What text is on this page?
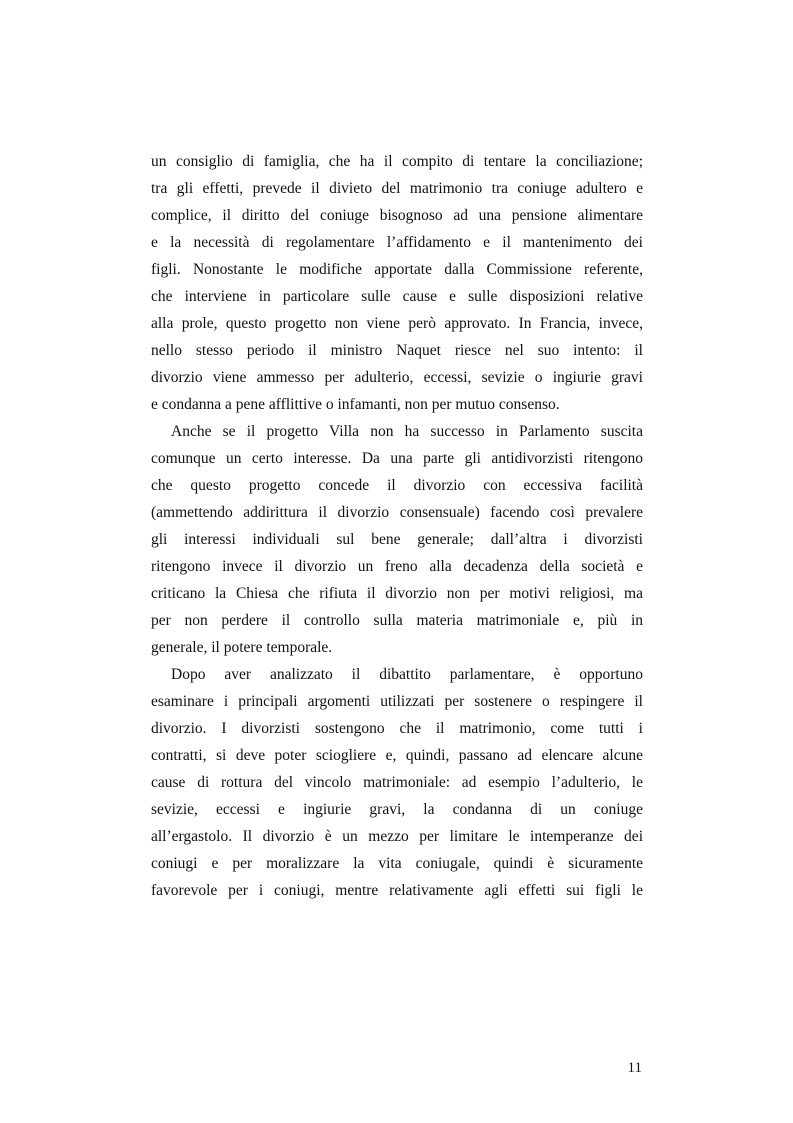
un consiglio di famiglia, che ha il compito di tentare la conciliazione;
tra gli effetti, prevede il divieto del matrimonio tra coniuge adultero e
complice, il diritto del coniuge bisognoso ad una pensione alimentare
e la necessità di regolamentare l’affidamento e il mantenimento dei
figli. Nonostante le modifiche apportate dalla Commissione referente,
che interviene in particolare sulle cause e sulle disposizioni relative
alla prole, questo progetto non viene però approvato. In Francia, invece,
nello stesso periodo il ministro Naquet riesce nel suo intento: il
divorzio viene ammesso per adulterio, eccessi, sevizie o ingiurie gravi
e condanna a pene afflittive o infamanti, non per mutuo consenso.
Anche se il progetto Villa non ha successo in Parlamento suscita
comunque un certo interesse. Da una parte gli antidivorzisti ritengono
che questo progetto concede il divorzio con eccessiva facilità
(ammettendo addirittura il divorzio consensuale) facendo così prevalere
gli interessi individuali sul bene generale; dall’altra i divorzisti
ritengono invece il divorzio un freno alla decadenza della società e
criticano la Chiesa che rifiuta il divorzio non per motivi religiosi, ma
per non perdere il controllo sulla materia matrimoniale e, più in
generale, il potere temporale.
Dopo aver analizzato il dibattito parlamentare, è opportuno
esaminare i principali argomenti utilizzati per sostenere o respingere il
divorzio. I divorzisti sostengono che il matrimonio, come tutti i
contratti, si deve poter sciogliere e, quindi, passano ad elencare alcune
cause di rottura del vincolo matrimoniale: ad esempio l’adulterio, le
sevizie, eccessi e ingiurie gravi, la condanna di un coniuge
all’ergastolo. Il divorzio è un mezzo per limitare le intemperanze dei
coniugi e per moralizzare la vita coniugale, quindi è sicuramente
favorevole per i coniugi, mentre relativamente agli effetti sui figli le
11
